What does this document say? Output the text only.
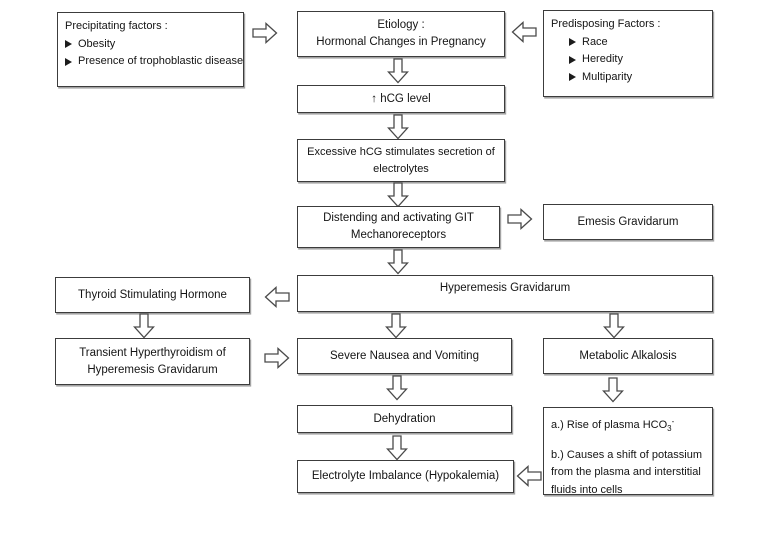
Precipitating factors :
Obesity
Presence of trophoblastic disease
Etiology :
Hormonal Changes in Pregnancy
Predisposing Factors :
Race
Heredity
Multiparity
↑ hCG level
Excessive hCG stimulates secretion of
electrolytes
Distending and activating GIT
Mechanoreceptors
Emesis Gravidarum
Hyperemesis Gravidarum
Thyroid Stimulating Hormone
Transient Hyperthyroidism of
Hyperemesis Gravidarum
Severe Nausea and Vomiting	Metabolic Alkalosis
Dehydration
a.) Rise of plasma $HCO_3^-$
b.) Causes a shift of potassium
from the plasma and interstitial
fluids into cells
Electrolyte Imbalance (Hypokalemia)
